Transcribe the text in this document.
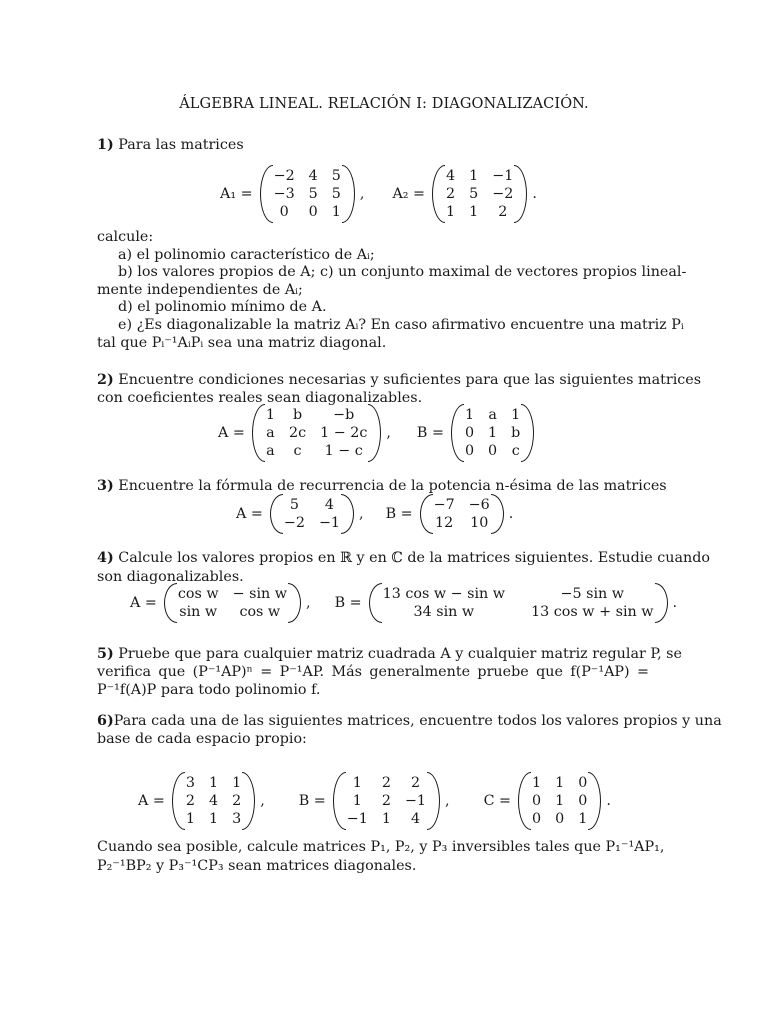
ÁLGEBRA LINEAL. RELACIÓN I: DIAGONALIZACIÓN.
1) Para las matrices
A₁ =
−2 4 5
−3 5 5
0	0 1
, A₂ =
4 1 −1
2 5 −2
1 1	2
.
calcule:
a) el polinomio característico de Aᵢ;
b) los valores propios de A; c) un conjunto maximal de vectores propios lineal-
mente independientes de Aᵢ;
d) el polinomio mínimo de A.
e) ¿Es diagonalizable la matriz Aᵢ? En caso afirmativo encuentre una matriz Pᵢ
tal que Pᵢ⁻¹AᵢPᵢ sea una matriz diagonal.
2) Encuentre condiciones necesarias y suficientes para que las siguientes matrices
con coeficientes reales sean diagonalizables.
A =
1 b	−b
a 2c 1 − 2c
a	c	1 − c
, B =
1 a 1
0 1 b
0 0 c
3) Encuentre la fórmula de recurrencia de la potencia n-ésima de las matrices
A =
5	4
−2 −1
, B =
−7 −6
12 10
.
4) Calcule los valores propios en ℝ y en ℂ de la matrices siguientes. Estudie cuando
son diagonalizables.
A =
cos w − sin w
sin w	cos w
, B =
13 cos w − sin w	−5 sin w
34 sin w	13 cos w + sin w
.
5) Pruebe que para cualquier matriz cuadrada A y cualquier matriz regular P, se
verifica que (P⁻¹AP)ⁿ = P⁻¹AP. Más generalmente pruebe que f(P⁻¹AP) =
P⁻¹f(A)P para todo polinomio f.
6)Para cada una de las siguientes matrices, encuentre todos los valores propios y una
base de cada espacio propio:
A =
3 1 1
2 4 2
1 1 3
, B =
1	2	2
1	2 −1
−1 1	4
, C =
1 1 0
0 1 0
0 0 1
.
Cuando sea posible, calcule matrices P₁, P₂, y P₃ inversibles tales que P₁⁻¹AP₁,
P₂⁻¹BP₂ y P₃⁻¹CP₃ sean matrices diagonales.
